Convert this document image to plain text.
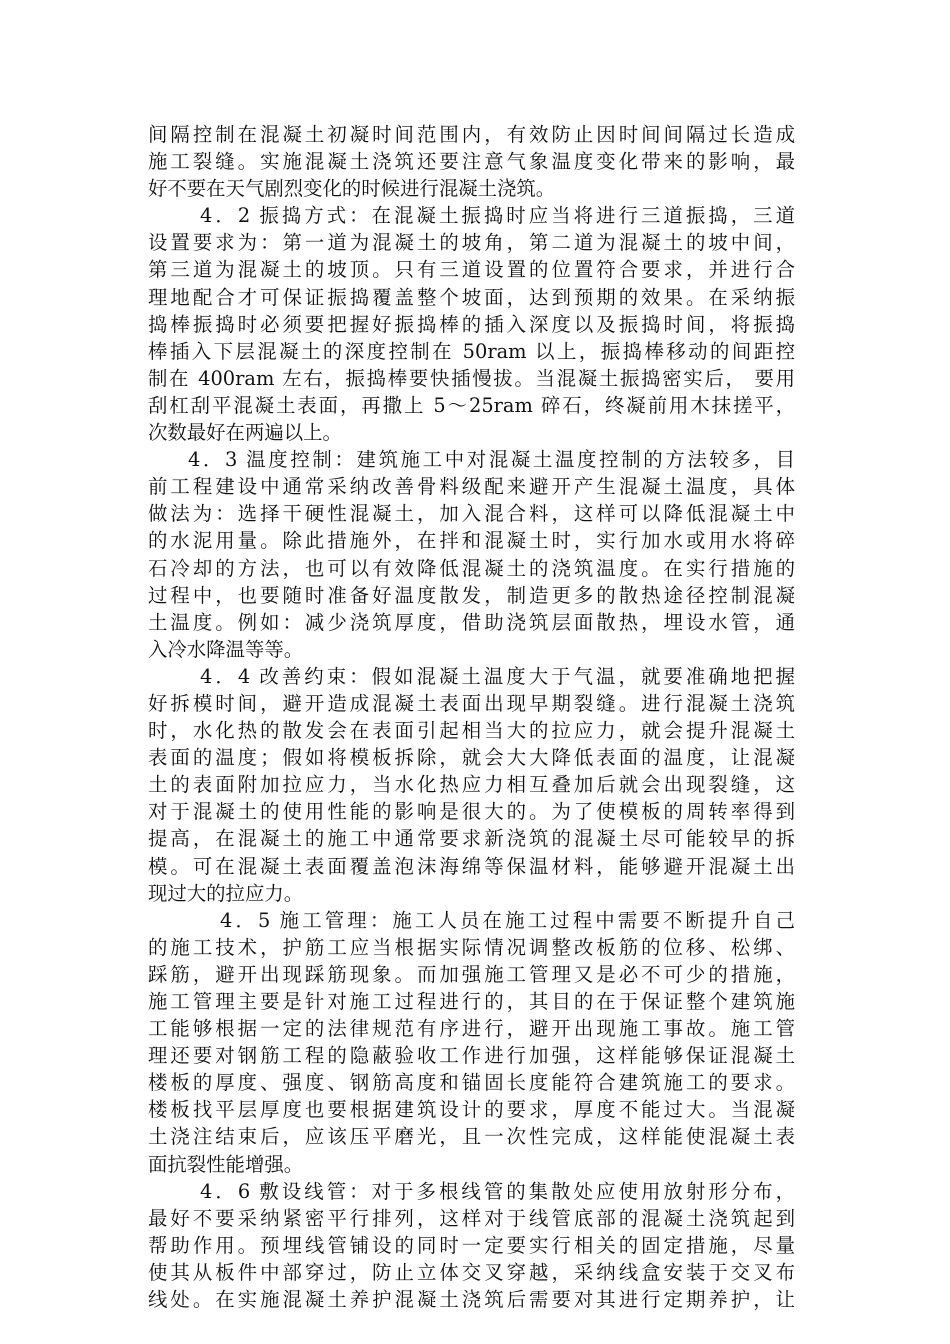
间隔控制在混凝土初凝时间范围内，有效防止因时间间隔过长造成
施工裂缝。实施混凝土浇筑还要注意气象温度变化带来的影响，最
好不要在天气剧烈变化的时候进行混凝土浇筑。
4．2 振捣方式：在混凝土振捣时应当将进行三道振捣，三道
设置要求为：第一道为混凝土的坡角，第二道为混凝土的坡中间，
第三道为混凝土的坡顶。只有三道设置的位置符合要求，并进行合
理地配合才可保证振捣覆盖整个坡面，达到预期的效果。在采纳振
捣棒振捣时必须要把握好振捣棒的插入深度以及振捣时间，将振捣
棒插入下层混凝土的深度控制在 50ram 以上，振捣棒移动的间距控
制在 400ram 左右，振捣棒要快插慢拔。当混凝土振捣密实后， 要用
刮杠刮平混凝土表面，再撒上 5～25ram 碎石，终凝前用木抹搓平，
次数最好在两遍以上。
4．3 温度控制：建筑施工中对混凝土温度控制的方法较多，目
前工程建设中通常采纳改善骨料级配来避开产生混凝土温度，具体
做法为：选择干硬性混凝土，加入混合料，这样可以降低混凝土中
的水泥用量。除此措施外，在拌和混凝土时，实行加水或用水将碎
石冷却的方法，也可以有效降低混凝土的浇筑温度。在实行措施的
过程中，也要随时准备好温度散发，制造更多的散热途径控制混凝
土温度。例如：减少浇筑厚度，借助浇筑层面散热，埋设水管，通
入冷水降温等等。
4．4 改善约束：假如混凝土温度大于气温，就要准确地把握
好拆模时间，避开造成混凝土表面出现早期裂缝。进行混凝土浇筑
时，水化热的散发会在表面引起相当大的拉应力，就会提升混凝土
表面的温度；假如将模板拆除，就会大大降低表面的温度，让混凝
土的表面附加拉应力，当水化热应力相互叠加后就会出现裂缝，这
对于混凝土的使用性能的影响是很大的。为了使模板的周转率得到
提高，在混凝土的施工中通常要求新浇筑的混凝土尽可能较早的拆
模。可在混凝土表面覆盖泡沫海绵等保温材料，能够避开混凝土出
现过大的拉应力。
4．5 施工管理：施工人员在施工过程中需要不断提升自己
的施工技术，护筋工应当根据实际情况调整改板筋的位移、松绑、
踩筋，避开出现踩筋现象。而加强施工管理又是必不可少的措施，
施工管理主要是针对施工过程进行的，其目的在于保证整个建筑施
工能够根据一定的法律规范有序进行，避开出现施工事故。施工管
理还要对钢筋工程的隐蔽验收工作进行加强，这样能够保证混凝土
楼板的厚度、强度、钢筋高度和锚固长度能符合建筑施工的要求。
楼板找平层厚度也要根据建筑设计的要求，厚度不能过大。当混凝
土浇注结束后，应该压平磨光，且一次性完成，这样能使混凝土表
面抗裂性能增强。
4．6 敷设线管：对于多根线管的集散处应使用放射形分布，
最好不要采纳紧密平行排列，这样对于线管底部的混凝土浇筑起到
帮助作用。预埋线管铺设的同时一定要实行相关的固定措施，尽量
使其从板件中部穿过，防止立体交叉穿越，采纳线盒安装于交叉布
线处。在实施混凝土养护混凝土浇筑后需要对其进行定期养护，让
